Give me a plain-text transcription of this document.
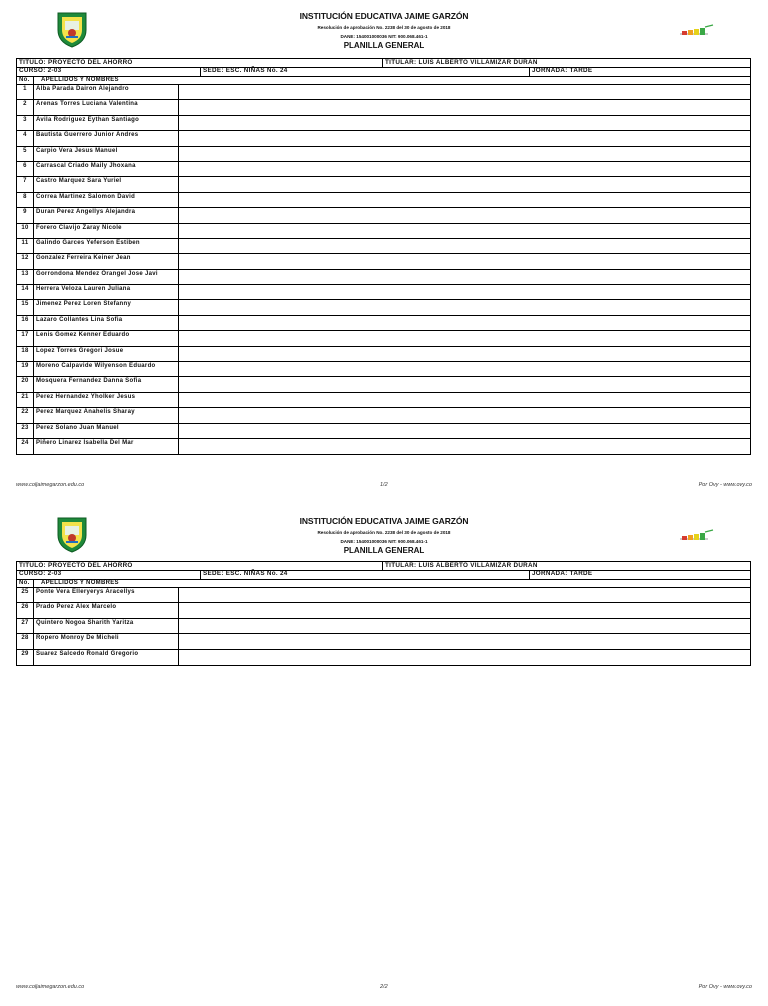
INSTITUCIÓN EDUCATIVA JAIME GARZÓN
Resolución de aprobación No. 2238 del 30 de agosto de 2018
DANE: 154001000036 NIT: 900.068.461-1
PLANILLA GENERAL
TITULO: PROYECTO DEL AHORRO	TITULAR: LUIS ALBERTO VILLAMIZAR DURAN
CURSO: 2-03	SEDE: ESC. NIÑAS No. 24	JORNADA: TARDE
No. APELLIDOS Y NOMBRES
1	Alba Parada Dairon Alejandro
2	Arenas Torres Luciana Valentina
3	Avila Rodriguez Eythan Santiago
4	Bautista Guerrero Junior Andres
5	Carpio Vera Jesus Manuel
6	Carrascal Criado Maily Jhoxana
7	Castro Marquez Sara Yuriel
8	Correa Martinez Salomon David
9	Duran Perez Angellys Alejandra
10	Forero Clavijo Zaray Nicole
11	Galindo Garces Yeferson Estiben
12	Gonzalez Ferreira Keiner Jean
13	Gorrondona Mendez Orangel Jose Javi
14	Herrera Veloza Lauren Juliana
15	Jimenez Perez Loren Stefanny
16	Lazaro Collantes Lina Sofia
17	Lenis Gomez Kenner Eduardo
18	Lopez Torres Gregori Josue
19	Moreno Calpavide Wilyenson Eduardo
20	Mosquera Fernandez Danna Sofia
21	Perez Hernandez Yholker Jesus
22	Perez Marquez Anahelis Sharay
23	Perez Solano Juan Manuel
24	Piñero Linarez Isabella Del Mar
www.coljaimegarzon.edu.co	1/2	Por Ovy - www.ovy.co
INSTITUCIÓN EDUCATIVA JAIME GARZÓN
Resolución de aprobación No. 2238 del 30 de agosto de 2018
DANE: 154001000036 NIT: 900.068.461-1
PLANILLA GENERAL
TITULO: PROYECTO DEL AHORRO	TITULAR: LUIS ALBERTO VILLAMIZAR DURAN
CURSO: 2-03	SEDE: ESC. NIÑAS No. 24	JORNADA: TARDE
No. APELLIDOS Y NOMBRES
25	Ponte Vera Elleryerys Aracellys
26	Prado Perez Alex Marcelo
27	Quintero Nogoa Sharith Yaritza
28	Ropero Monroy De Micheli
29	Suarez Salcedo Ronald Gregorio
www.coljaimegarzon.edu.co	2/2	Por Ovy - www.ovy.co
